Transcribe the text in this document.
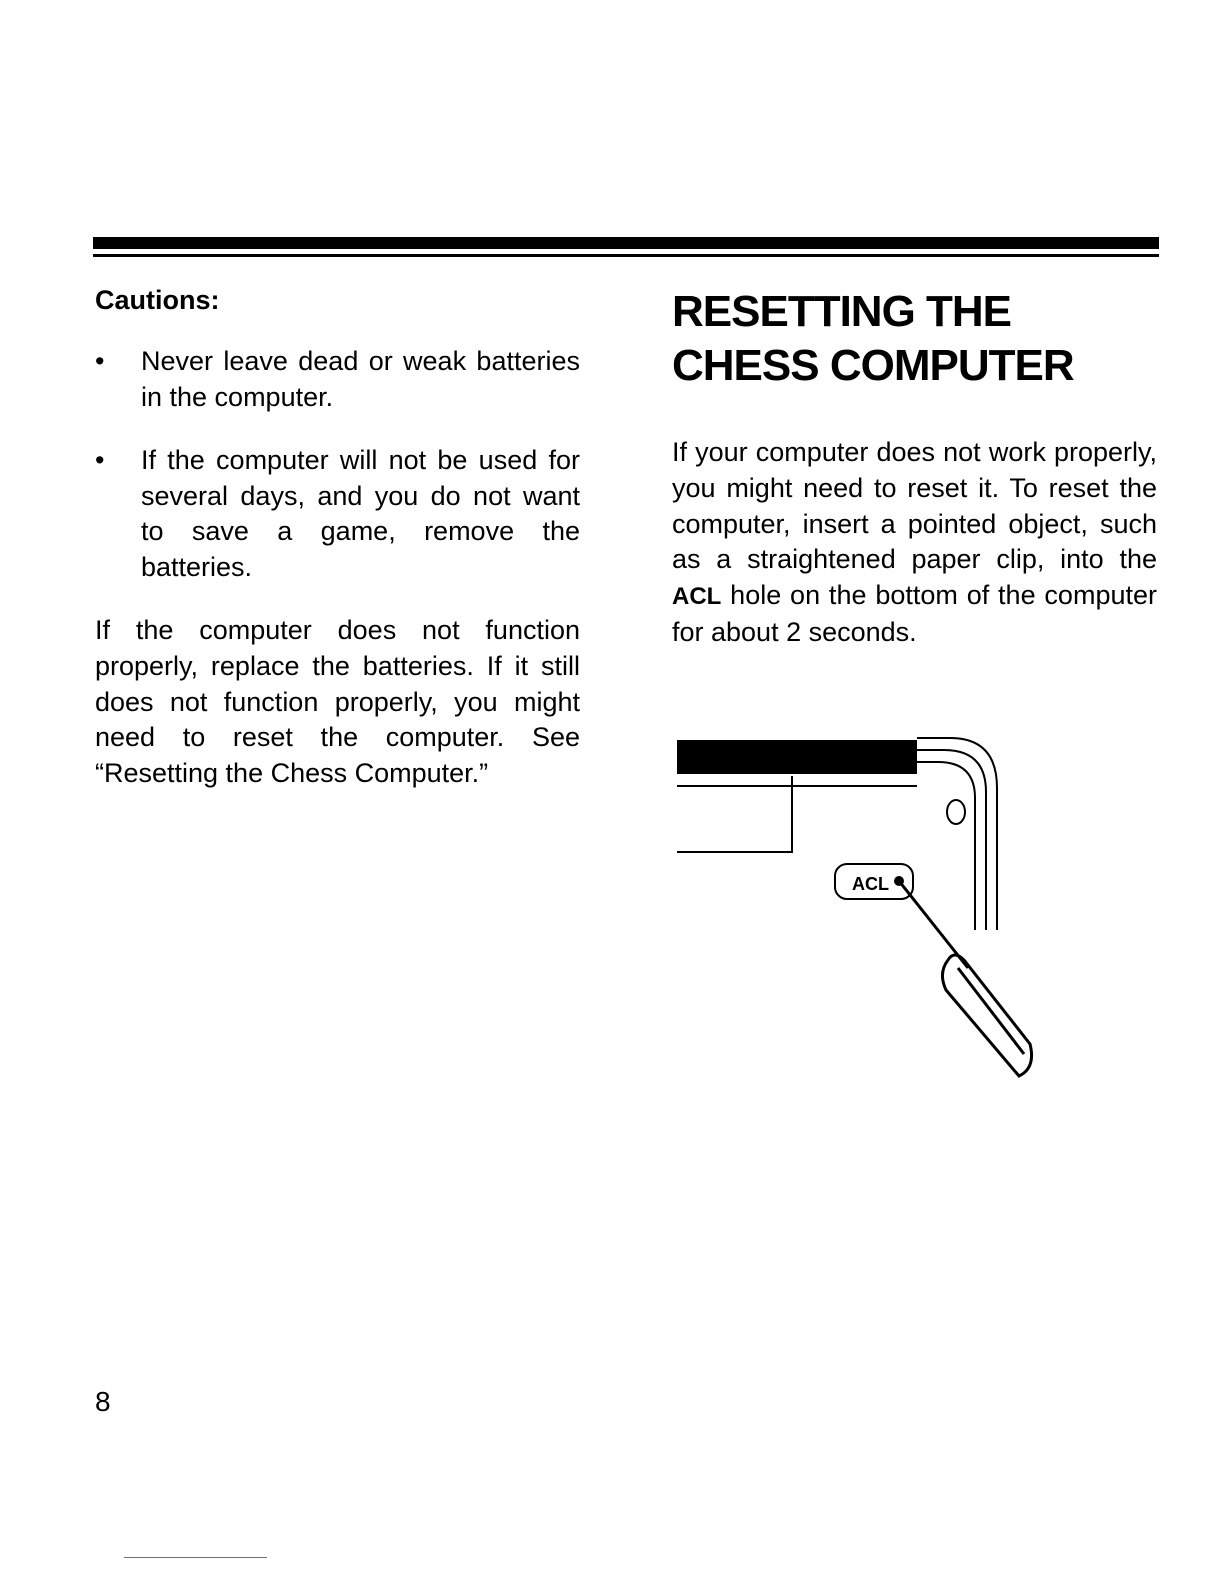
Cautions:
•	Never leave dead or weak batteries in the computer.
•	If the computer will not be used for several days, and you do not want to save a game, remove the batteries.

If the computer does not function properly, replace the batteries. If it still does not function properly, you might need to reset the computer. See “Resetting the Chess Computer.”

RESETTING THE
CHESS COMPUTER

If your computer does not work properly, you might need to reset it. To reset the computer, insert a pointed object, such as a straightened paper clip, into the ACL hole on the bottom of the computer for about 2 seconds.

ACL
8
